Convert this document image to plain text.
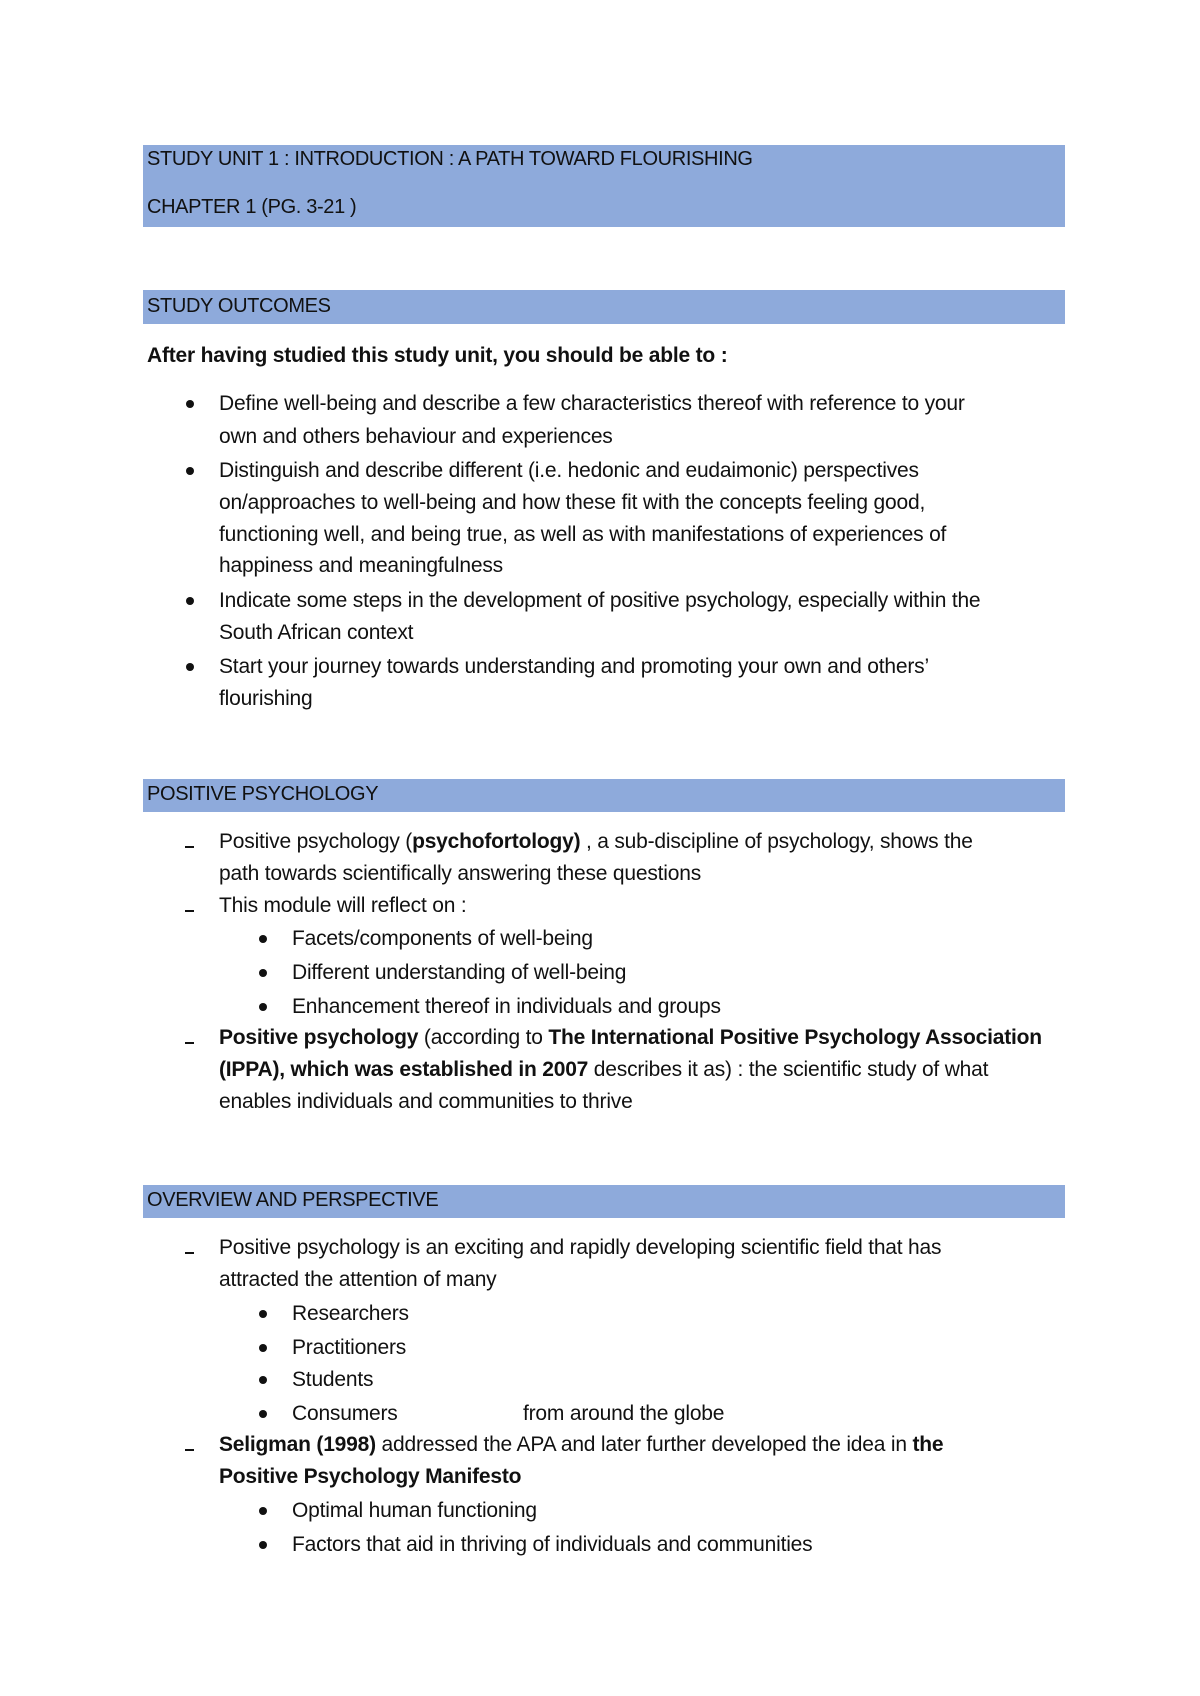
STUDY UNIT 1 : INTRODUCTION : A PATH TOWARD FLOURISHING
CHAPTER 1 (PG. 3-21 )
STUDY OUTCOMES
After having studied this study unit, you should be able to :
Define well-being and describe a few characteristics thereof with reference to your
own and others behaviour and experiences
Distinguish and describe different (i.e. hedonic and eudaimonic) perspectives
on/approaches to well-being and how these fit with the concepts feeling good,
functioning well, and being true, as well as with manifestations of experiences of
happiness and meaningfulness
Indicate some steps in the development of positive psychology, especially within the
South African context
Start your journey towards understanding and promoting your own and others’
flourishing
POSITIVE PSYCHOLOGY
Positive psychology (psychofortology) , a sub-discipline of psychology, shows the
path towards scientifically answering these questions
This module will reflect on :
Facets/components of well-being
Different understanding of well-being
Enhancement thereof in individuals and groups
Positive psychology (according to The International Positive Psychology Association
(IPPA), which was established in 2007 describes it as) : the scientific study of what
enables individuals and communities to thrive
OVERVIEW AND PERSPECTIVE
Positive psychology is an exciting and rapidly developing scientific field that has
attracted the attention of many
Researchers
Practitioners
Students
Consumers	from around the globe
Seligman (1998) addressed the APA and later further developed the idea in the
Positive Psychology Manifesto
Optimal human functioning
Factors that aid in thriving of individuals and communities
